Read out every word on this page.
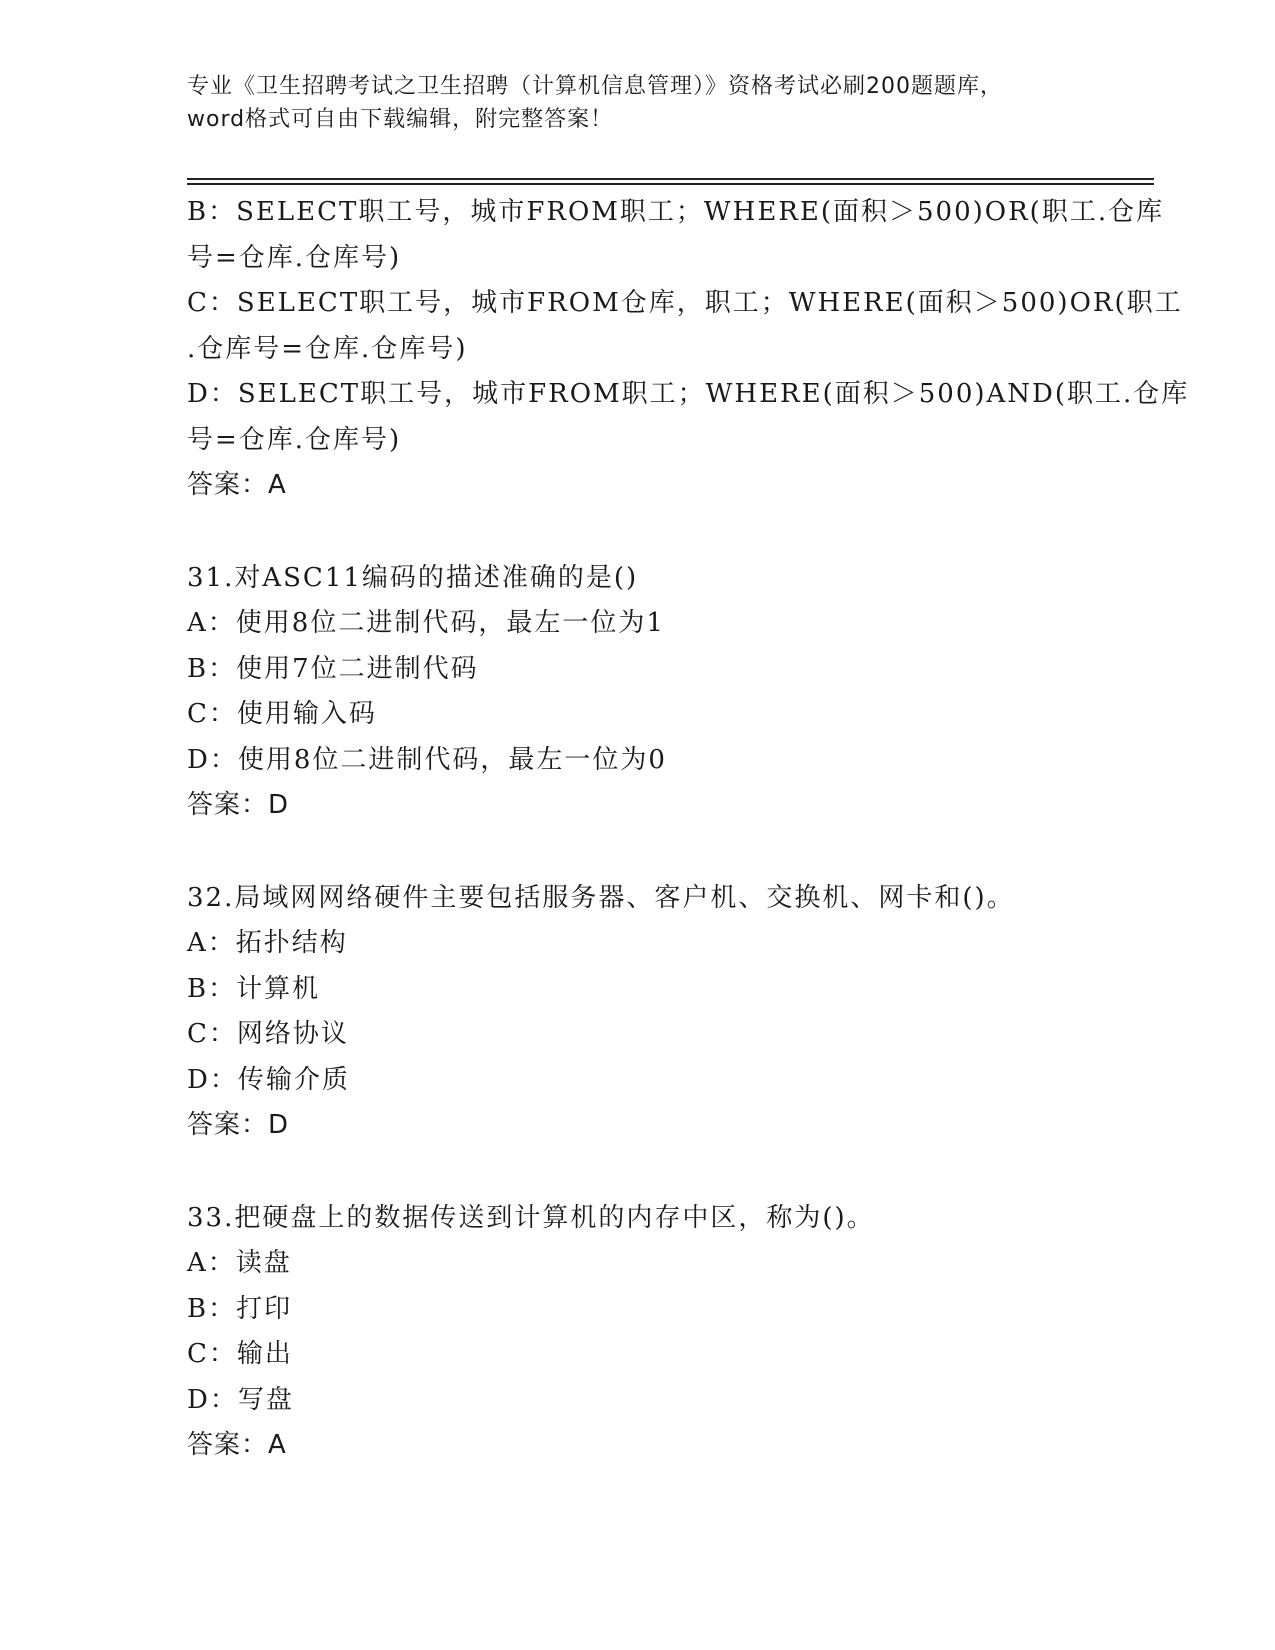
专业《卫生招聘考试之卫生招聘（计算机信息管理）》资格考试必刷200题题库，
word格式可自由下载编辑，附完整答案！
B：SELECT职工号，城市FROM职工；WHERE(面积＞500)OR(职工.仓库
号=仓库.仓库号)
C：SELECT职工号，城市FROM仓库，职工；WHERE(面积＞500)OR(职工
.仓库号=仓库.仓库号)
D：SELECT职工号，城市FROM职工；WHERE(面积＞500)AND(职工.仓库
号=仓库.仓库号)
答案：A
31.对ASC11编码的描述准确的是()
A：使用8位二进制代码，最左一位为1
B：使用7位二进制代码
C：使用输入码
D：使用8位二进制代码，最左一位为0
答案：D
32.局域网网络硬件主要包括服务器、客户机、交换机、网卡和()。
A：拓扑结构
B：计算机
C：网络协议
D：传输介质
答案：D
33.把硬盘上的数据传送到计算机的内存中区，称为()。
A：读盘
B：打印
C：输出
D：写盘
答案：A
